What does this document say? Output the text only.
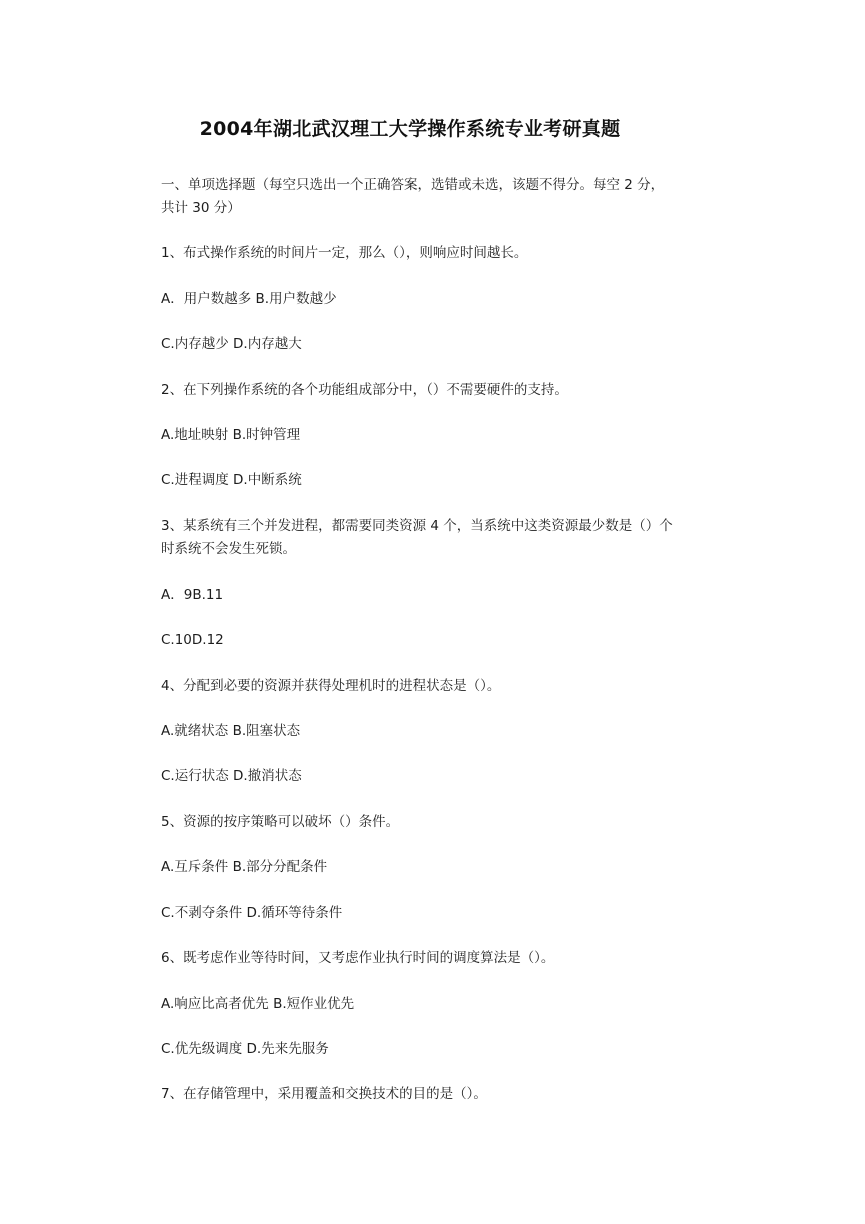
2004年湖北武汉理工大学操作系统专业考研真题
一、单项选择题（每空只选出一个正确答案，选错或未选，该题不得分。每空 2 分，
共计 30 分）
1、布式操作系统的时间片一定，那么（），则响应时间越长。
A．用户数越多 B.用户数越少
C.内存越少 D.内存越大
2、在下列操作系统的各个功能组成部分中，（）不需要硬件的支持。
A.地址映射 B.时钟管理
C.进程调度 D.中断系统
3、某系统有三个并发进程，都需要同类资源 4 个，当系统中这类资源最少数是（）个
时系统不会发生死锁。
A．9B.11
C.10D.12
4、分配到必要的资源并获得处理机时的进程状态是（）。
A.就绪状态 B.阻塞状态
C.运行状态 D.撤消状态
5、资源的按序策略可以破坏（）条件。
A.互斥条件 B.部分分配条件
C.不剥夺条件 D.循环等待条件
6、既考虑作业等待时间，又考虑作业执行时间的调度算法是（）。
A.响应比高者优先 B.短作业优先
C.优先级调度 D.先来先服务
7、在存储管理中，采用覆盖和交换技术的目的是（）。
